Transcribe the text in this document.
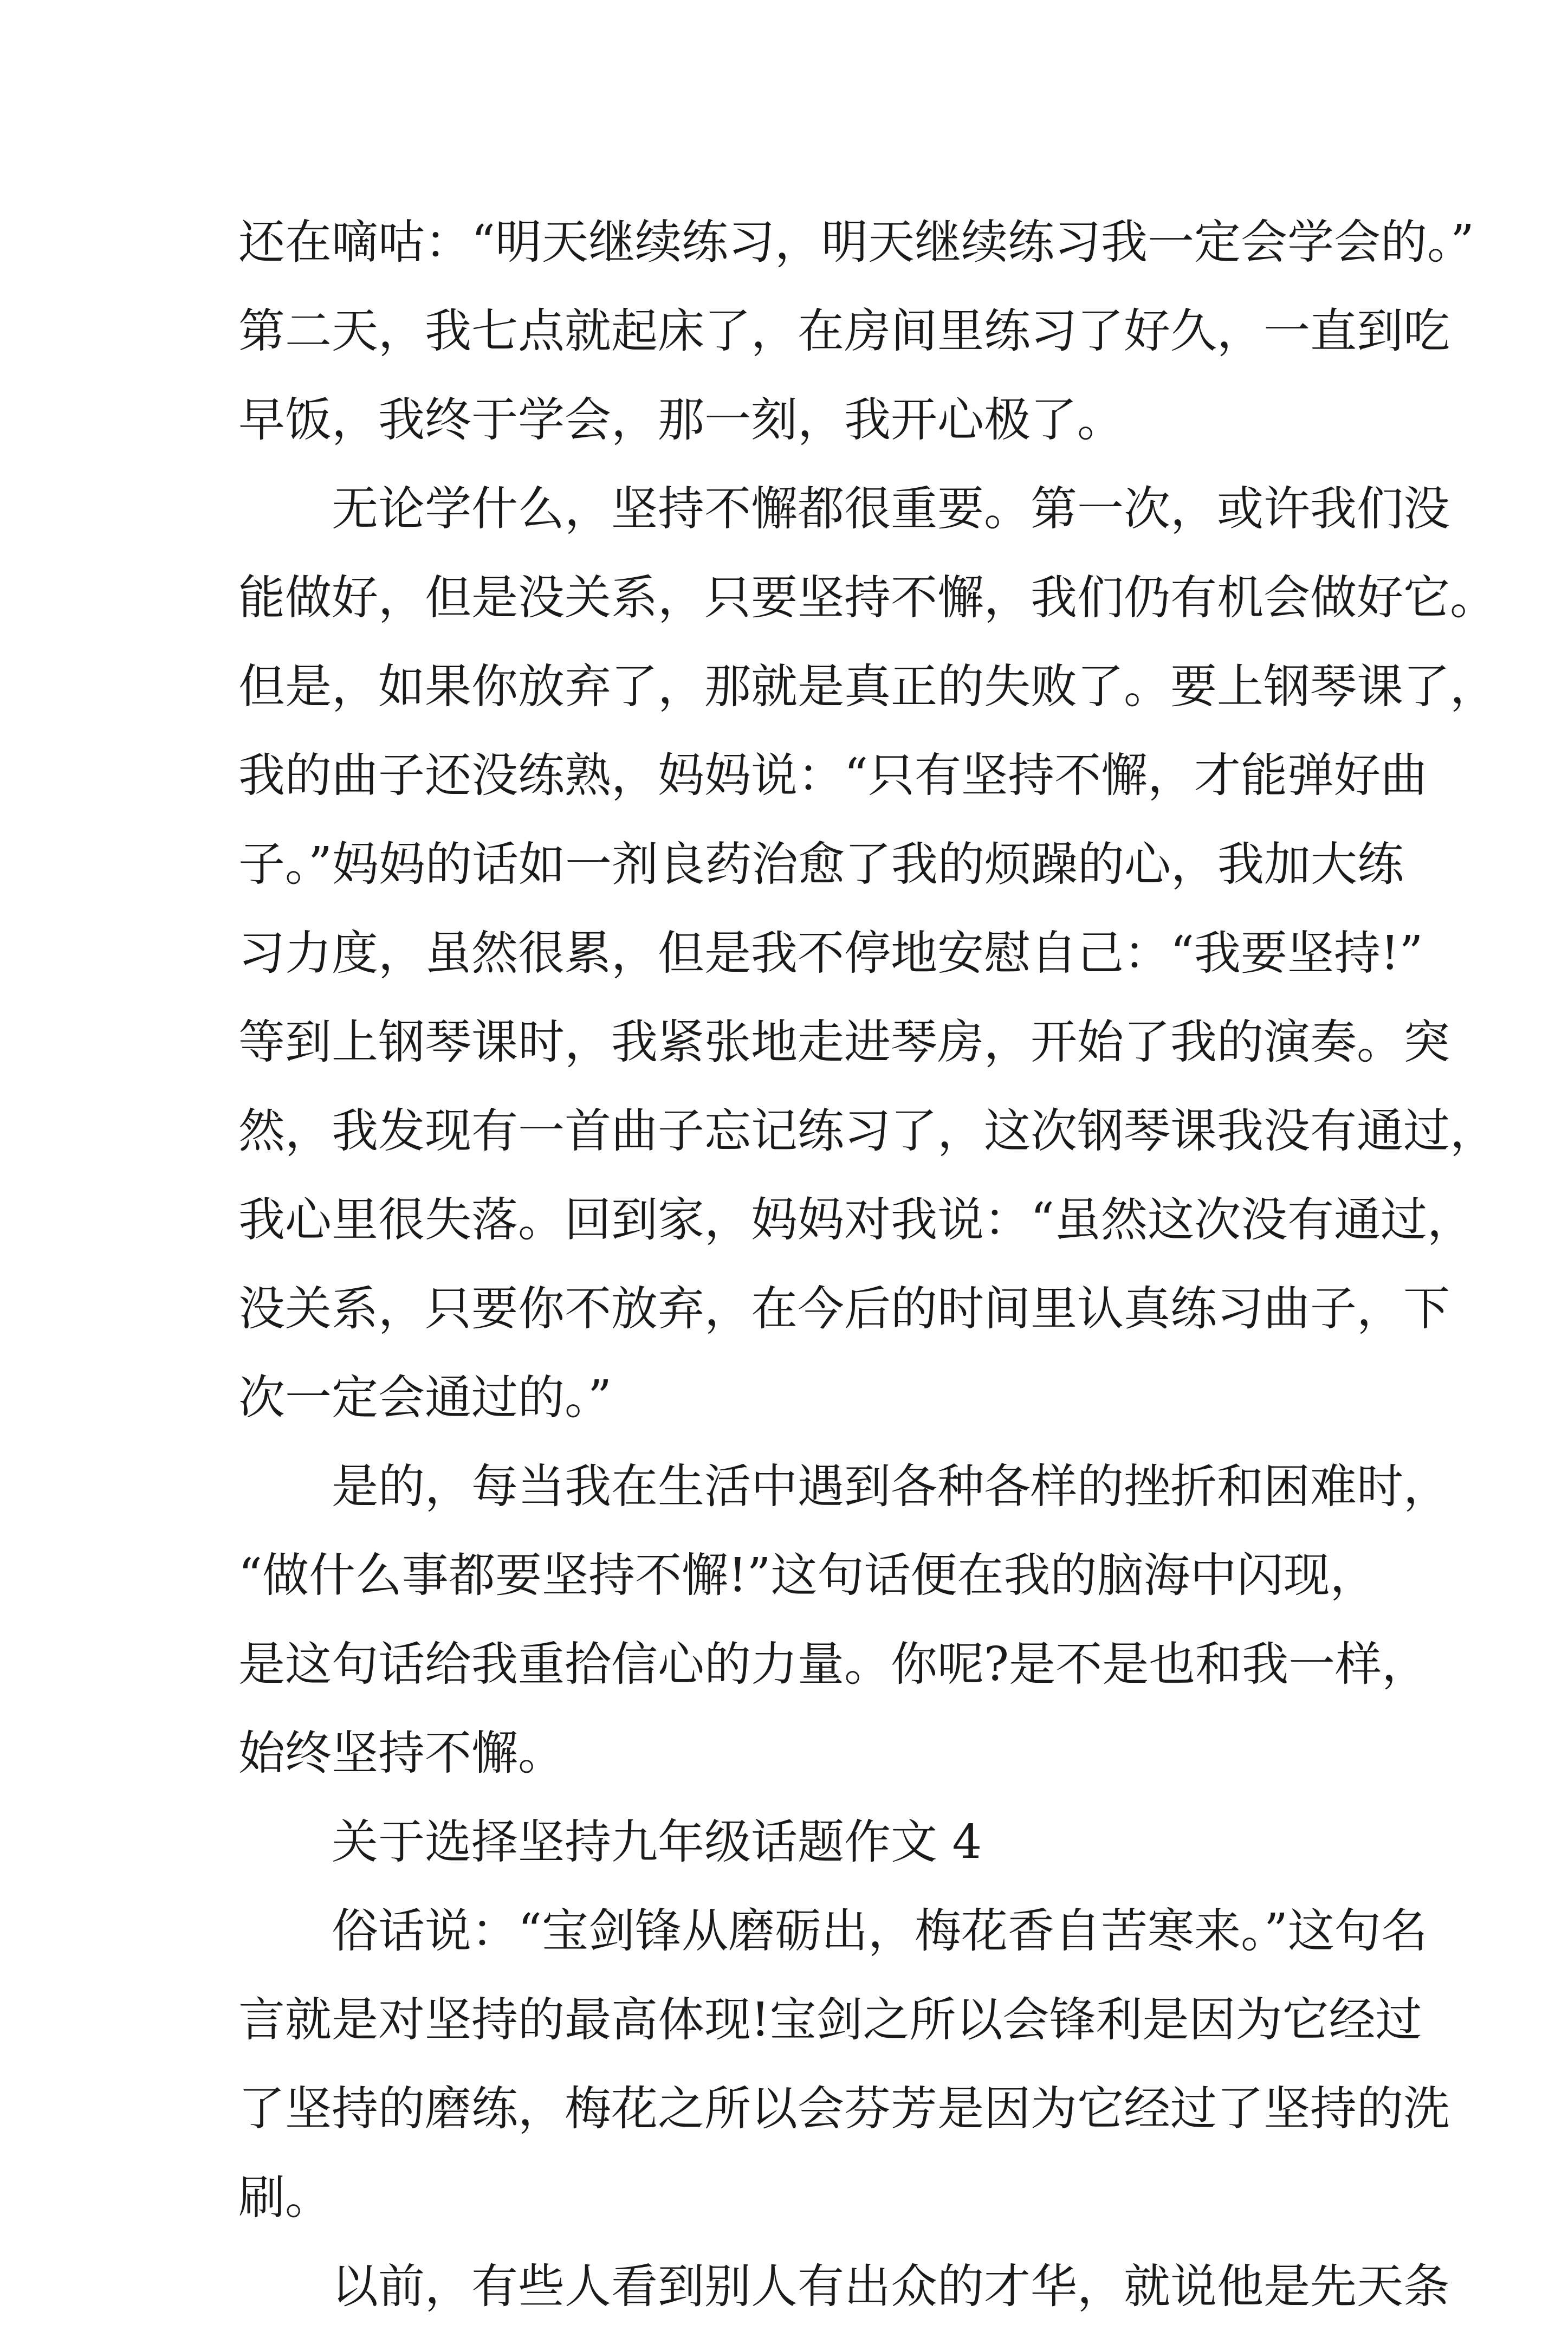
还在嘀咕：“明天继续练习，明天继续练习我一定会学会的。”
第二天，我七点就起床了，在房间里练习了好久，一直到吃
早饭，我终于学会，那一刻，我开心极了。
无论学什么，坚持不懈都很重要。第一次，或许我们没
能做好，但是没关系，只要坚持不懈，我们仍有机会做好它。
但是，如果你放弃了，那就是真正的失败了。要上钢琴课了，
我的曲子还没练熟，妈妈说：“只有坚持不懈，才能弹好曲
子。”妈妈的话如一剂良药治愈了我的烦躁的心，我加大练
习力度，虽然很累，但是我不停地安慰自己：“我要坚持!”
等到上钢琴课时，我紧张地走进琴房，开始了我的演奏。突
然，我发现有一首曲子忘记练习了，这次钢琴课我没有通过，
我心里很失落。回到家，妈妈对我说：“虽然这次没有通过，
没关系，只要你不放弃，在今后的时间里认真练习曲子，下
次一定会通过的。”
是的，每当我在生活中遇到各种各样的挫折和困难时，
“做什么事都要坚持不懈!”这句话便在我的脑海中闪现，
是这句话给我重拾信心的力量。你呢?是不是也和我一样，
始终坚持不懈。
关于选择坚持九年级话题作文 4
俗话说：“宝剑锋从磨砺出，梅花香自苦寒来。”这句名
言就是对坚持的最高体现!宝剑之所以会锋利是因为它经过
了坚持的磨练，梅花之所以会芬芳是因为它经过了坚持的洗
刷。
以前，有些人看到别人有出众的才华，就说他是先天条
